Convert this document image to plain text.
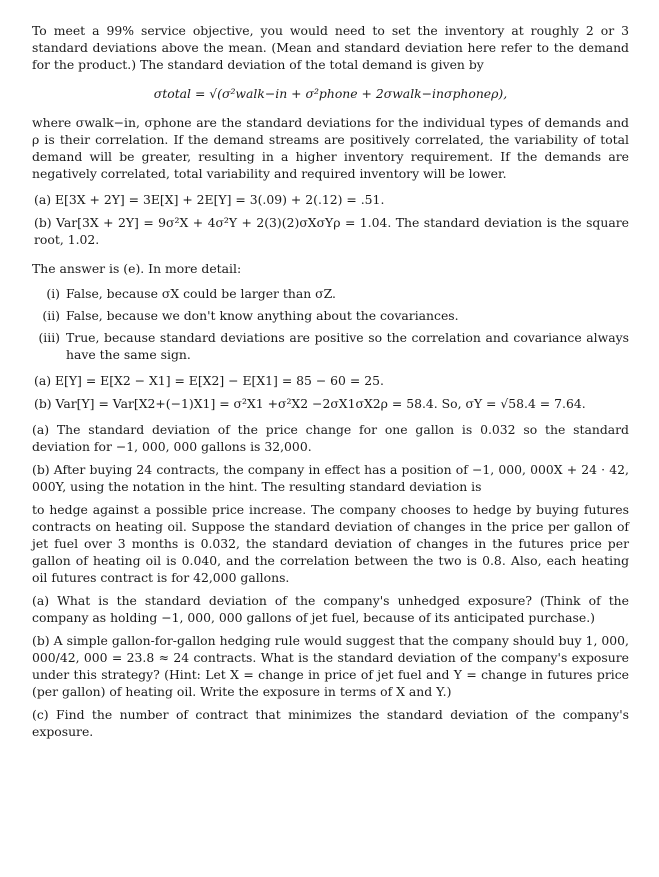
To meet a 99% service objective, you would need to set the inventory at roughly 2 or 3 standard deviations above the mean. (Mean and standard deviation here refer to the demand for the product.) The standard deviation of the total demand is given by

σtotal = √(σ²walk−in + σ²phone + 2σwalk−inσphoneρ),

where σwalk−in, σphone are the standard deviations for the individual types of demands and ρ is their correlation. If the demand streams are positively correlated, the variability of total demand will be greater, resulting in a higher inventory requirement. If the demands are negatively correlated, total variability and required inventory will be lower.

(a) E[3X + 2Y] = 3E[X] + 2E[Y] = 3(.09) + 2(.12) = .51.

(b) Var[3X + 2Y] = 9σ²X + 4σ²Y + 2(3)(2)σXσYρ = 1.04. The standard deviation is the square root, 1.02.

The answer is (e). In more detail:

(i) False, because σX could be larger than σZ.
(ii) False, because we don't know anything about the covariances.
(iii) True, because standard deviations are positive so the correlation and covariance always have the same sign.

(a) E[Y] = E[X2 − X1] = E[X2] − E[X1] = 85 − 60 = 25.

(b) Var[Y] = Var[X2+(−1)X1] = σ²X1 +σ²X2 −2σX1σX2ρ = 58.4. So, σY = √58.4 = 7.64.

(a) The standard deviation of the price change for one gallon is 0.032 so the standard deviation for −1, 000, 000 gallons is 32,000.

(b) After buying 24 contracts, the company in effect has a position of −1, 000, 000X + 24 · 42, 000Y, using the notation in the hint. The resulting standard deviation is

to hedge against a possible price increase. The company chooses to hedge by buying futures contracts on heating oil. Suppose the standard deviation of changes in the price per gallon of jet fuel over 3 months is 0.032, the standard deviation of changes in the futures price per gallon of heating oil is 0.040, and the correlation between the two is 0.8. Also, each heating oil futures contract is for 42,000 gallons.

(a) What is the standard deviation of the company's unhedged exposure? (Think of the company as holding −1, 000, 000 gallons of jet fuel, because of its anticipated purchase.)

(b) A simple gallon-for-gallon hedging rule would suggest that the company should buy 1, 000, 000/42, 000 = 23.8 ≈ 24 contracts. What is the standard deviation of the company's exposure under this strategy? (Hint: Let X = change in price of jet fuel and Y = change in futures price (per gallon) of heating oil. Write the exposure in terms of X and Y.)

(c) Find the number of contract that minimizes the standard deviation of the company's exposure.
